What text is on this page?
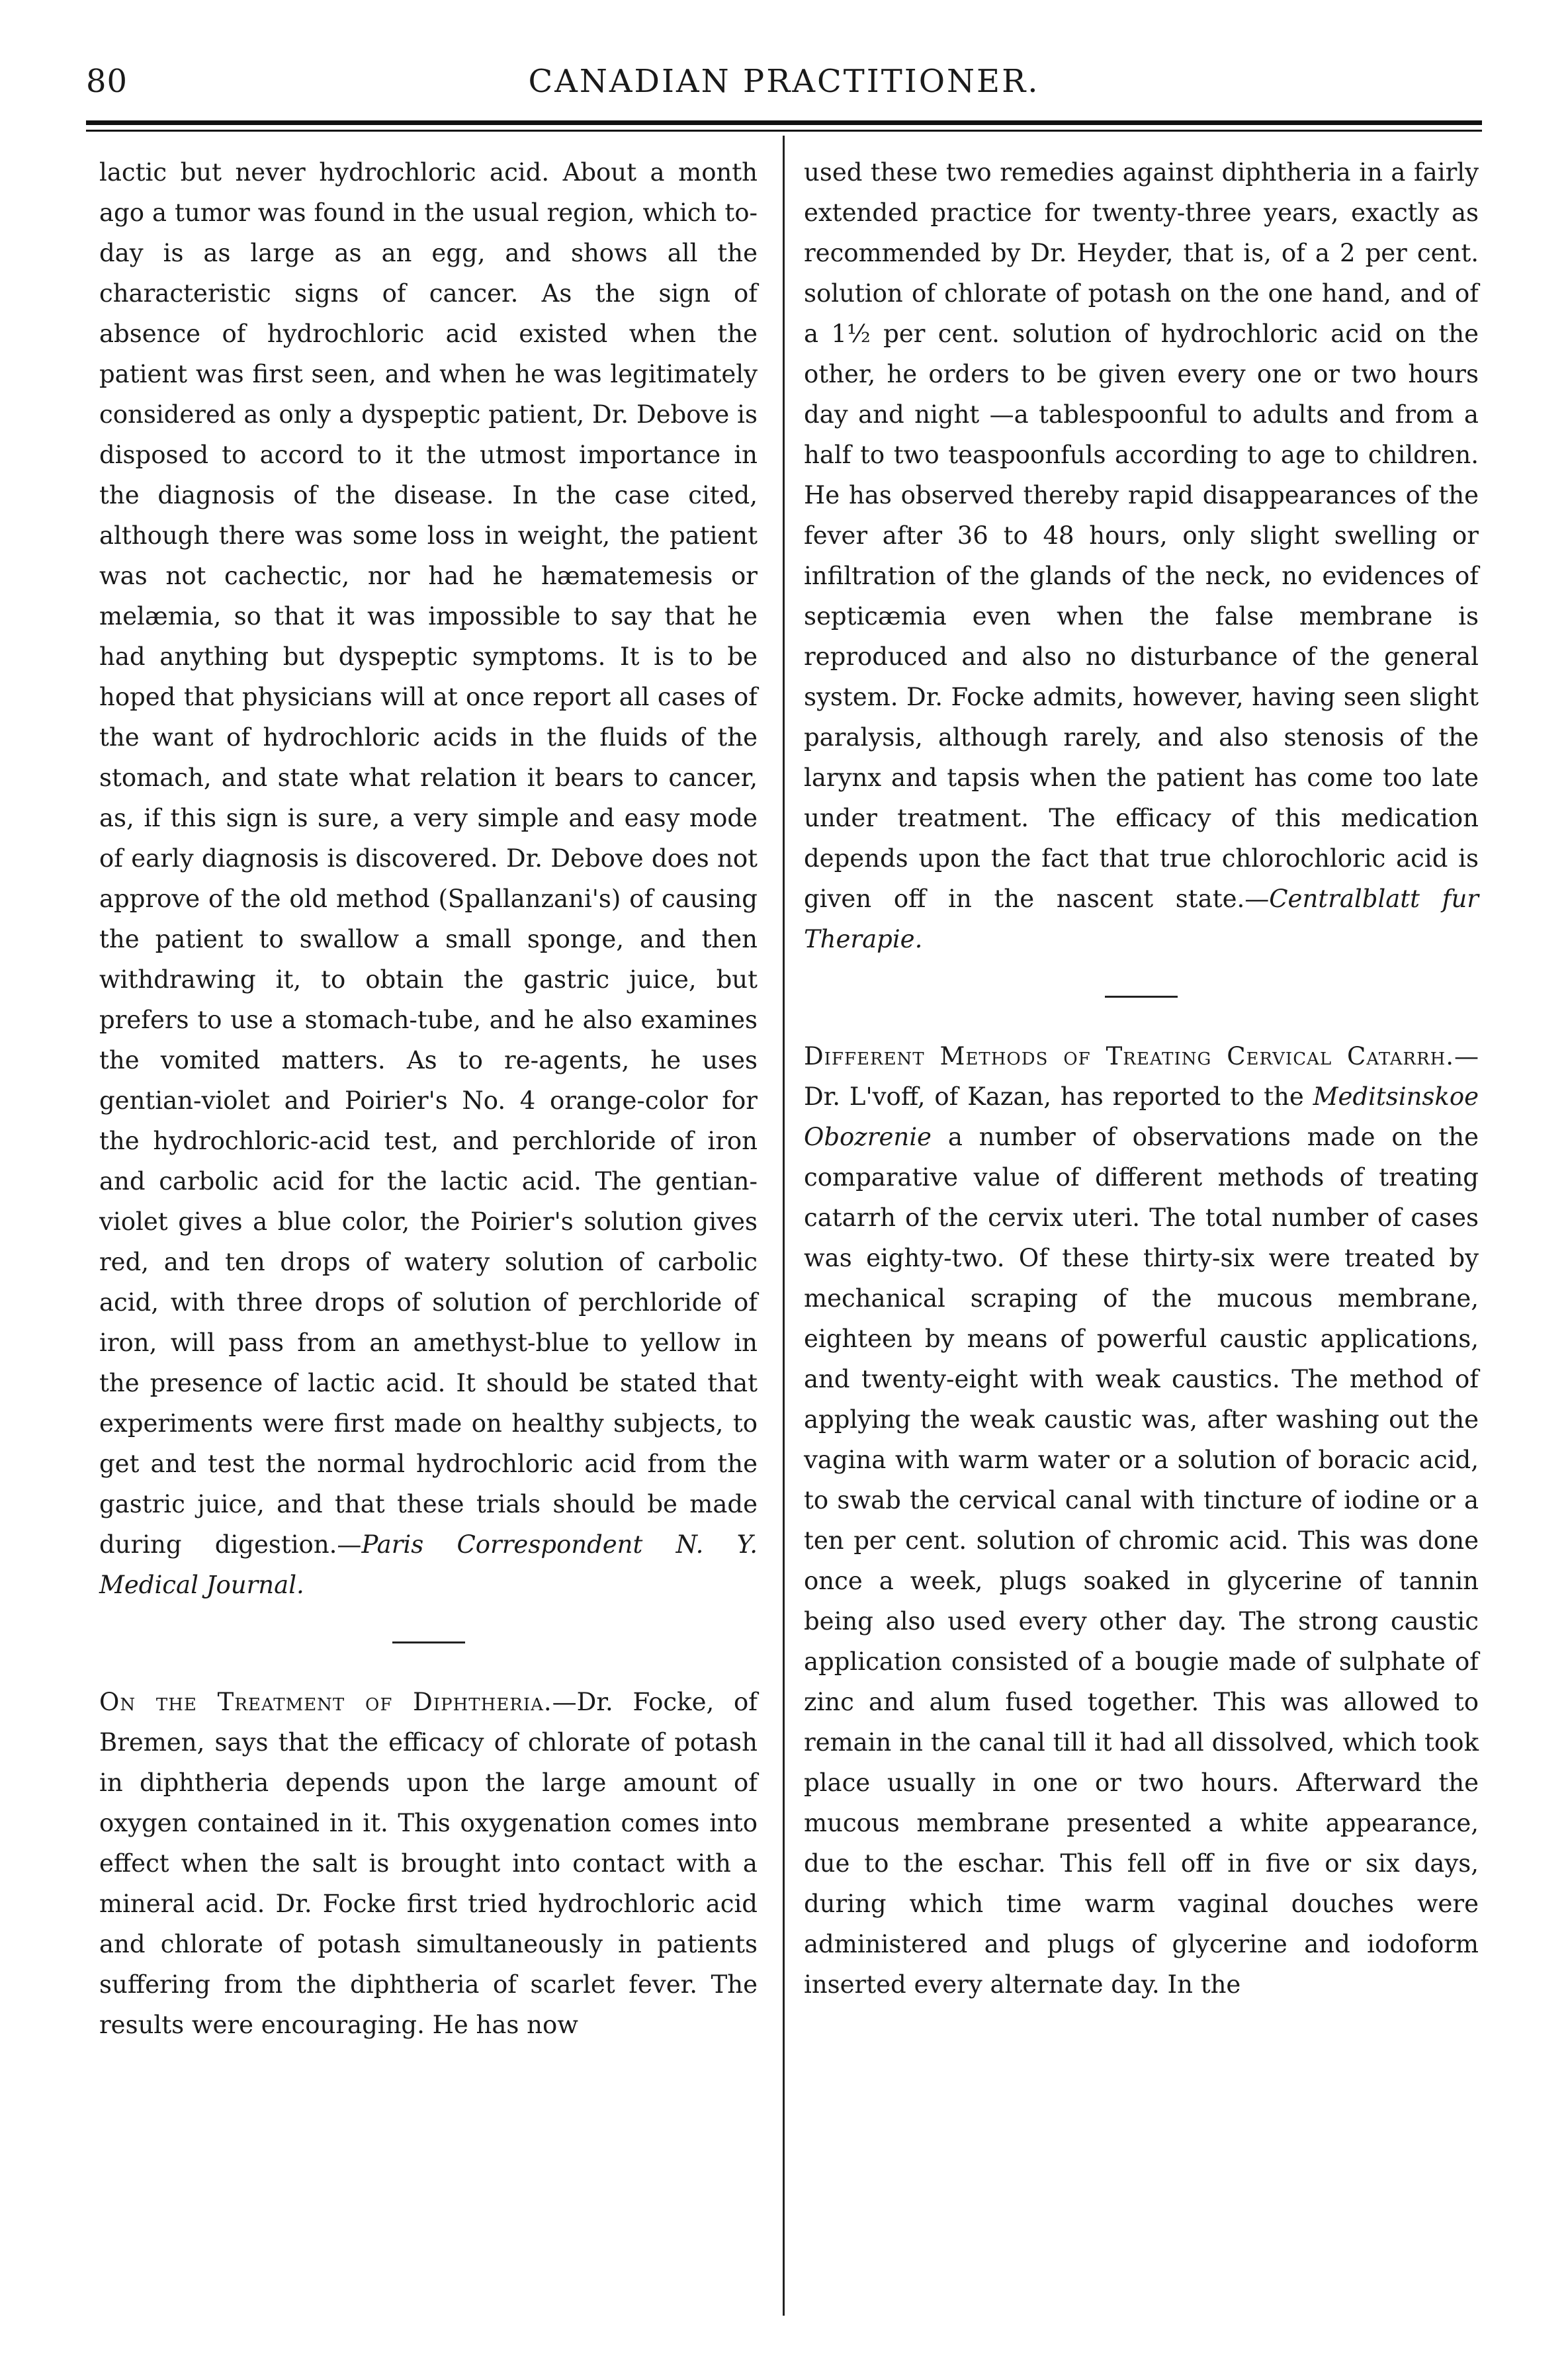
80	CANADIAN PRACTITIONER.

lactic but never hydrochloric acid. About a month ago a tumor was found in the usual region, which to-day is as large as an egg, and shows all the characteristic signs of cancer. As the sign of absence of hydrochloric acid existed when the patient was first seen, and when he was legitimately considered as only a dyspeptic patient, Dr. Debove is disposed to accord to it the utmost importance in the diagnosis of the disease. In the case cited, although there was some loss in weight, the patient was not cachectic, nor had he hæmatemesis or melæmia, so that it was impossible to say that he had anything but dyspeptic symptoms. It is to be hoped that physicians will at once report all cases of the want of hydrochloric acids in the fluids of the stomach, and state what relation it bears to cancer, as, if this sign is sure, a very simple and easy mode of early diagnosis is discovered. Dr. Debove does not approve of the old method (Spallanzani's) of causing the patient to swallow a small sponge, and then withdrawing it, to obtain the gastric juice, but prefers to use a stomach-tube, and he also examines the vomited matters. As to re-agents, he uses gentian-violet and Poirier's No. 4 orange-color for the hydrochloric-acid test, and perchloride of iron and carbolic acid for the lactic acid. The gentian-violet gives a blue color, the Poirier's solution gives red, and ten drops of watery solution of carbolic acid, with three drops of solution of perchloride of iron, will pass from an amethyst-blue to yellow in the presence of lactic acid. It should be stated that experiments were first made on healthy subjects, to get and test the normal hydrochloric acid from the gastric juice, and that these trials should be made during digestion.—Paris Correspondent N. Y. Medical Journal.

On the Treatment of Diphtheria.—Dr. Focke, of Bremen, says that the efficacy of chlorate of potash in diphtheria depends upon the large amount of oxygen contained in it. This oxygenation comes into effect when the salt is brought into contact with a mineral acid. Dr. Focke first tried hydrochloric acid and chlorate of potash simultaneously in patients suffering from the diphtheria of scarlet fever. The results were encouraging. He has now

used these two remedies against diphtheria in a fairly extended practice for twenty-three years, exactly as recommended by Dr. Heyder, that is, of a 2 per cent. solution of chlorate of potash on the one hand, and of a 1½ per cent. solution of hydrochloric acid on the other, he orders to be given every one or two hours day and night —a tablespoonful to adults and from a half to two teaspoonfuls according to age to children. He has observed thereby rapid disappearances of the fever after 36 to 48 hours, only slight swelling or infiltration of the glands of the neck, no evidences of septicæmia even when the false membrane is reproduced and also no disturbance of the general system. Dr. Focke admits, however, having seen slight paralysis, although rarely, and also stenosis of the larynx and tapsis when the patient has come too late under treatment. The efficacy of this medication depends upon the fact that true chlorochloric acid is given off in the nascent state.—Centralblatt fur Therapie.

Different Methods of Treating Cervical Catarrh.—Dr. L'voff, of Kazan, has reported to the Meditsinskoe Obozrenie a number of observations made on the comparative value of different methods of treating catarrh of the cervix uteri. The total number of cases was eighty-two. Of these thirty-six were treated by mechanical scraping of the mucous membrane, eighteen by means of powerful caustic applications, and twenty-eight with weak caustics. The method of applying the weak caustic was, after washing out the vagina with warm water or a solution of boracic acid, to swab the cervical canal with tincture of iodine or a ten per cent. solution of chromic acid. This was done once a week, plugs soaked in glycerine of tannin being also used every other day. The strong caustic application consisted of a bougie made of sulphate of zinc and alum fused together. This was allowed to remain in the canal till it had all dissolved, which took place usually in one or two hours. Afterward the mucous membrane presented a white appearance, due to the eschar. This fell off in five or six days, during which time warm vaginal douches were administered and plugs of glycerine and iodoform inserted every alternate day. In the
